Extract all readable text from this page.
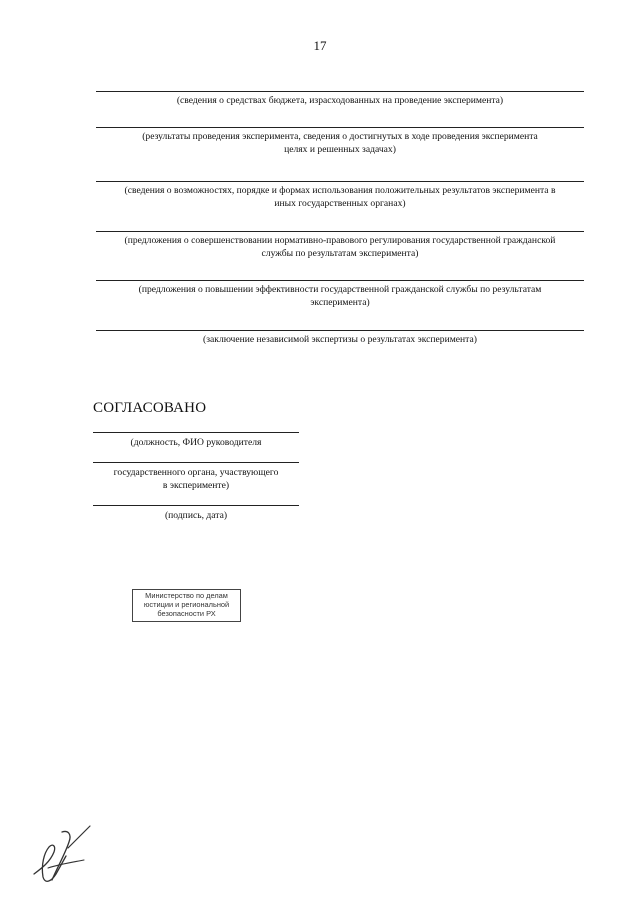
17
(сведения о средствах бюджета, израсходованных на проведение эксперимента)
(результаты проведения эксперимента, сведения о достигнутых в ходе проведения эксперимента
целях и решенных задачах)
(сведения о возможностях, порядке и формах использования положительных результатов эксперимента в
иных государственных органах)
(предложения о совершенствовании нормативно-правового регулирования государственной гражданской
службы по результатам эксперимента)
(предложения о повышении эффективности государственной гражданской службы по результатам
эксперимента)
(заключение независимой экспертизы о результатах эксперимента)
СОГЛАСОВАНО
(должность, ФИО руководителя
государственного органа, участвующего
в эксперименте)
(подпись, дата)
Министерство по делам
юстиции и региональной
безопасности РХ
